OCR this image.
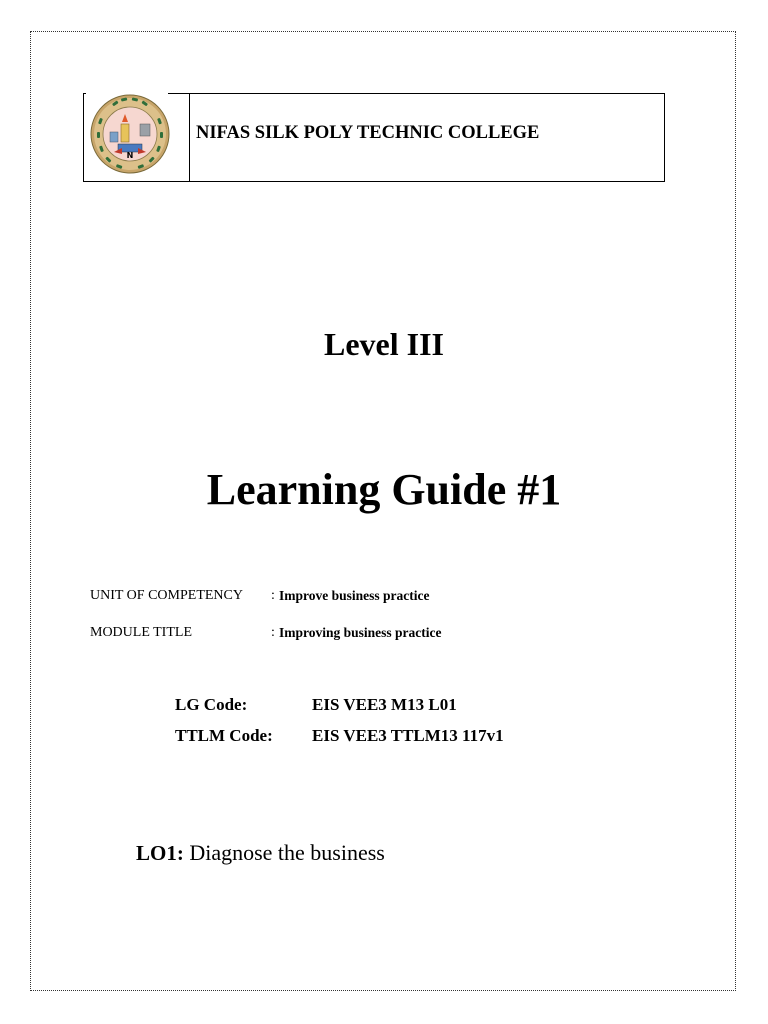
N
NIFAS SILK POLY TECHNIC COLLEGE
Level III
Learning Guide #1
UNIT OF COMPETENCY : Improve business practice
MODULE TITLE	: Improving business practice
LG Code:	EIS VEE3 M13 L01
TTLM Code: EIS VEE3 TTLM13 117v1
LO1: Diagnose the business
